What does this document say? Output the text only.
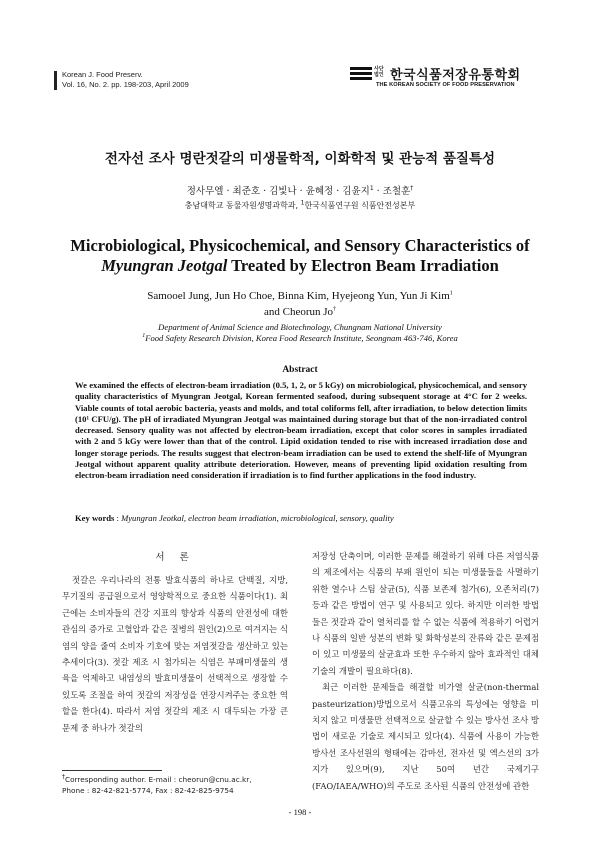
Korean J. Food Preserv.
Vol. 16, No. 2. pp. 198-203, April 2009
사단
법인 한국식품저장유통학회
THE KOREAN SOCIETY OF FOOD PRESERVATION
전자선 조사 명란젓갈의 미생물학적, 이화학적 및 관능적 품질특성
정사무엘 · 최준호 · 김빛나 · 윤혜정 · 김윤지$^1$ · 조철훈†
충남대학교 동물자원생명과학과, $^1$한국식품연구원 식품안전성본부
Microbiological, Physicochemical, and Sensory Characteristics of
Myungran Jeotgal Treated by Electron Beam Irradiation
Samooel Jung, Jun Ho Choe, Binna Kim, Hyejeong Yun, Yun Ji Kim$^1$
and Cheorun Jo†
Department of Animal Science and Biotechnology, Chungnam National University
$^1$Food Safety Research Division, Korea Food Research Institute, Seongnam 463-746, Korea
Abstract
We examined the effects of electron-beam irradiation (0.5, 1, 2, or 5 kGy) on microbiological, physicochemical, and sensory quality characteristics of Myungran Jeotgal, Korean fermented seafood, during subsequent storage at 4°C for 2 weeks. Viable counts of total aerobic bacteria, yeasts and molds, and total coliforms fell, after irradiation, to below detection limits (10¹ CFU/g). The pH of irradiated Myungran Jeotgal was maintained during storage but that of the non-irradiated control decreased. Sensory quality was not affected by electron-beam irradiation, except that color scores in samples irradiated with 2 and 5 kGy were lower than that of the control. Lipid oxidation tended to rise with increased irradiation dose and longer storage periods. The results suggest that electron-beam irradiation can be used to extend the shelf-life of Myungran Jeotgal without apparent quality attribute deterioration. However, means of preventing lipid oxidation resulting from electron-beam irradiation need consideration if irradiation is to find further applications in the food industry.
Key words : Myungran Jeotkal, electron beam irradiation, microbiological, sensory, quality
서 론

젓갈은 우리나라의 전통 발효식품의 하나로 단백질, 지방, 무기질의 공급원으로서 영양학적으로 중요한 식품이다(1). 최근에는 소비자들의 건강 지표의 향상과 식품의 안전성에 대한 관심의 증가로 고혈압과 같은 질병의 원인(2)으로 여겨지는 식염의 양을 줄여 소비자 기호에 맞는 저염젓갈을 생산하고 있는 추세이다(3). 젓갈 제조 시 첨가되는 식염은 부패미생물의 생육을 억제하고 내염성의 발효미생물이 선택적으로 생장할 수 있도록 조절을 하여 젓갈의 저장성을 연장시켜주는 중요한 역할을 한다(4). 따라서 저염 젓갈의 제조 시 대두되는 가장 큰 문제 중 하나가 젓갈의

저장성 단축이며, 이러한 문제를 해결하기 위해 다른 저염식품의 제조에서는 식품의 부패 원인이 되는 미생물들을 사멸하기 위한 열수나 스팀 살균(5), 식품 보존제 첨가(6), 오존처리(7) 등과 같은 방법이 연구 및 사용되고 있다. 하지만 이러한 방법들은 젓갈과 같이 열처리를 할 수 없는 식품에 적용하기 어렵거나 식품의 일반 성분의 변화 및 화학성분의 잔류와 같은 문제점이 있고 미생물의 살균효과 또한 우수하지 않아 효과적인 대체 기술의 개발이 필요하다(8).

최근 이러한 문제들을 해결할 비가열 살균(non-thermal pasteurization)방법으로서 식품고유의 특성에는 영향을 미치지 않고 미생물만 선택적으로 살균할 수 있는 방사선 조사 방법이 새로운 기술로 제시되고 있다(4). 식품에 사용이 가능한 방사선 조사선원의 형태에는 감마선, 전자선 및 엑스선의 3가지가 있으며(9), 지난 50여 년간 국제기구 (FAO/IAEA/WHO)의 주도로 조사된 식품의 안전성에 관한

†Corresponding author. E-mail : cheorun@cnu.ac.kr,
Phone : 82-42-821-5774, Fax : 82-42-825-9754
- 198 -
